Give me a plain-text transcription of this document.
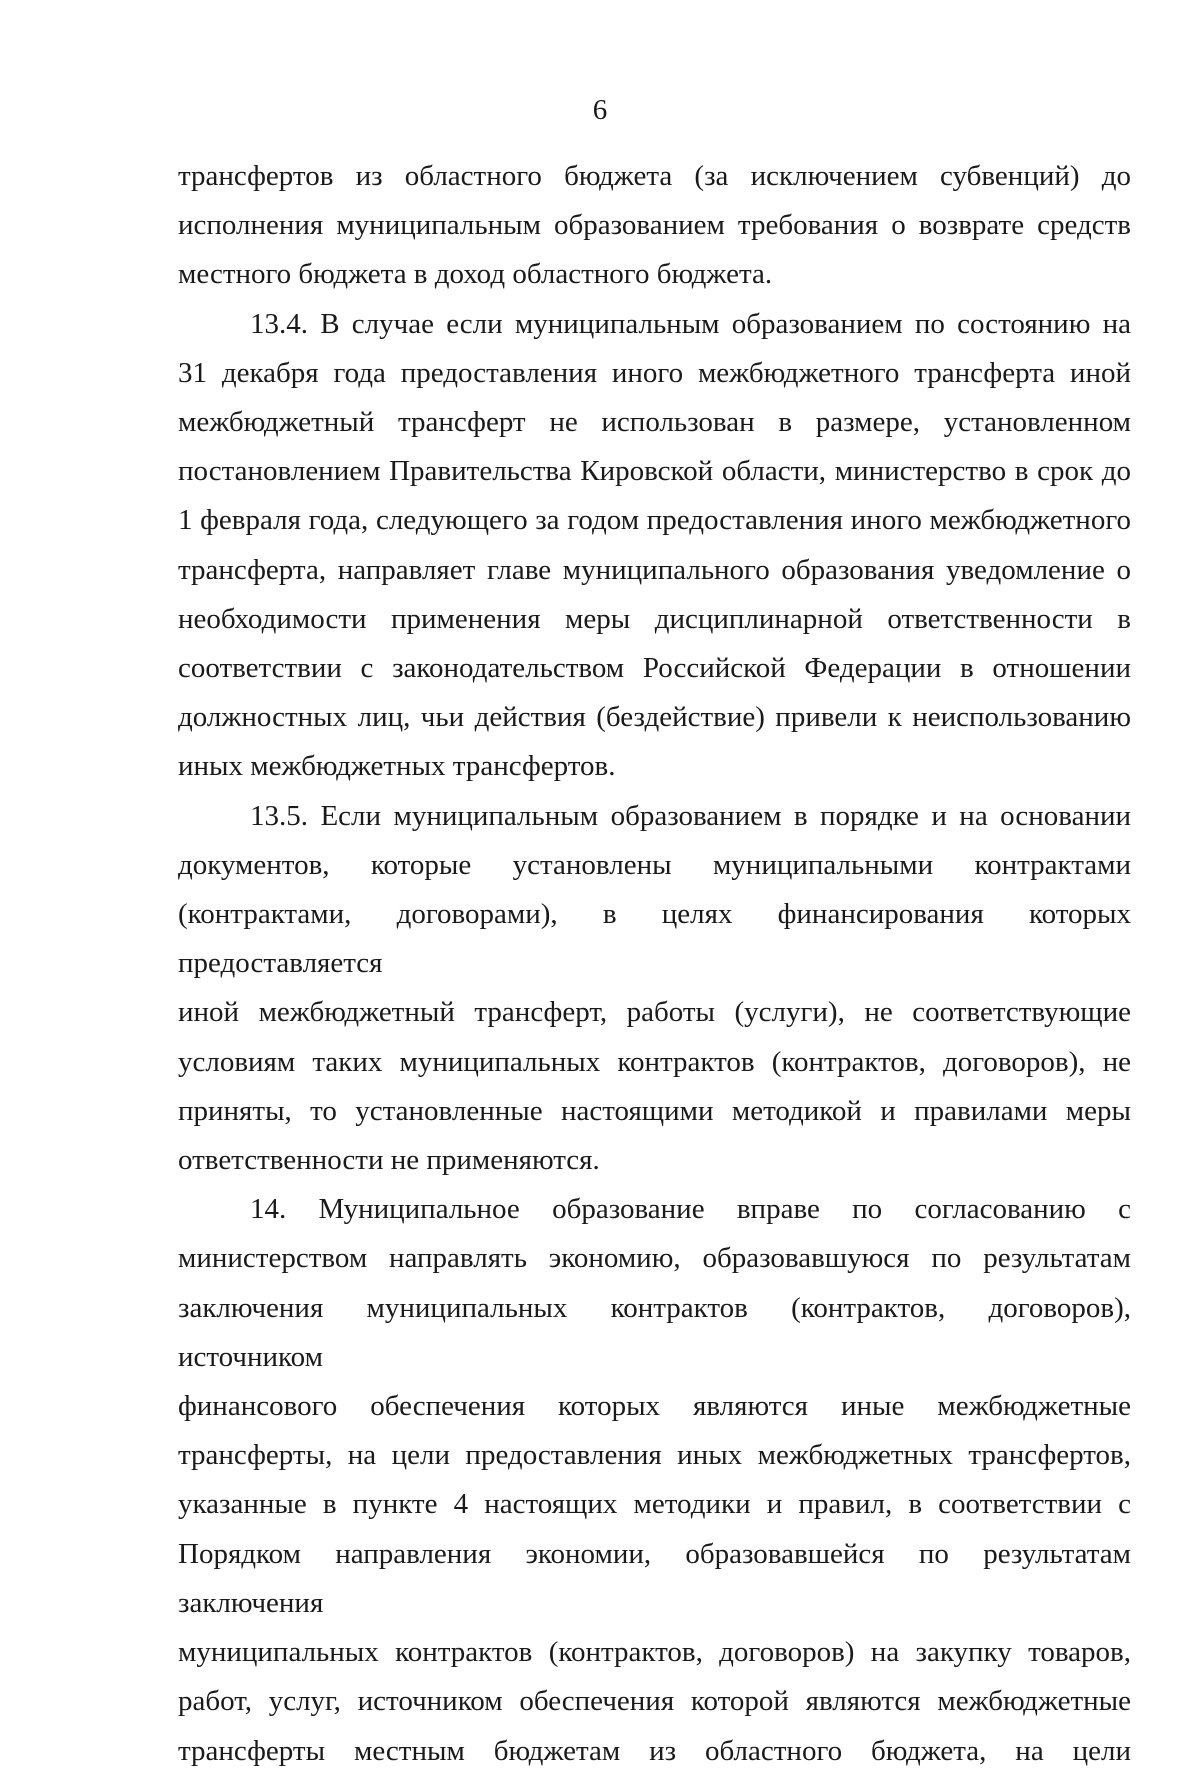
6

трансфертов из областного бюджета (за исключением субвенций) до

исполнения муниципальным образованием требования о возврате средств

местного бюджета в доход областного бюджета.

13.4. В случае если муниципальным образованием по состоянию на

31 декабря года предоставления иного межбюджетного трансферта иной

межбюджетный трансферт не использован в размере, установленном

постановлением Правительства Кировской области, министерство в срок до

1 февраля года, следующего за годом предоставления иного межбюджетного

трансферта, направляет главе муниципального образования уведомление о

необходимости применения меры дисциплинарной ответственности в

соответствии с законодательством Российской Федерации в отношении

должностных лиц, чьи действия (бездействие) привели к неиспользованию

иных межбюджетных трансфертов.

13.5. Если муниципальным образованием в порядке и на основании

документов, которые установлены муниципальными контрактами

(контрактами, договорами), в целях финансирования которых предоставляется

иной межбюджетный трансферт, работы (услуги), не соответствующие

условиям таких муниципальных контрактов (контрактов, договоров), не

приняты, то установленные настоящими методикой и правилами меры

ответственности не применяются.

14. Муниципальное образование вправе по согласованию с

министерством направлять экономию, образовавшуюся по результатам

заключения муниципальных контрактов (контрактов, договоров), источником

финансового обеспечения которых являются иные межбюджетные

трансферты, на цели предоставления иных межбюджетных трансфертов,

указанные в пункте 4 настоящих методики и правил, в соответствии с

Порядком направления экономии, образовавшейся по результатам заключения

муниципальных контрактов (контрактов, договоров) на закупку товаров,

работ, услуг, источником обеспечения которой являются межбюджетные

трансферты местным бюджетам из областного бюджета, на цели
